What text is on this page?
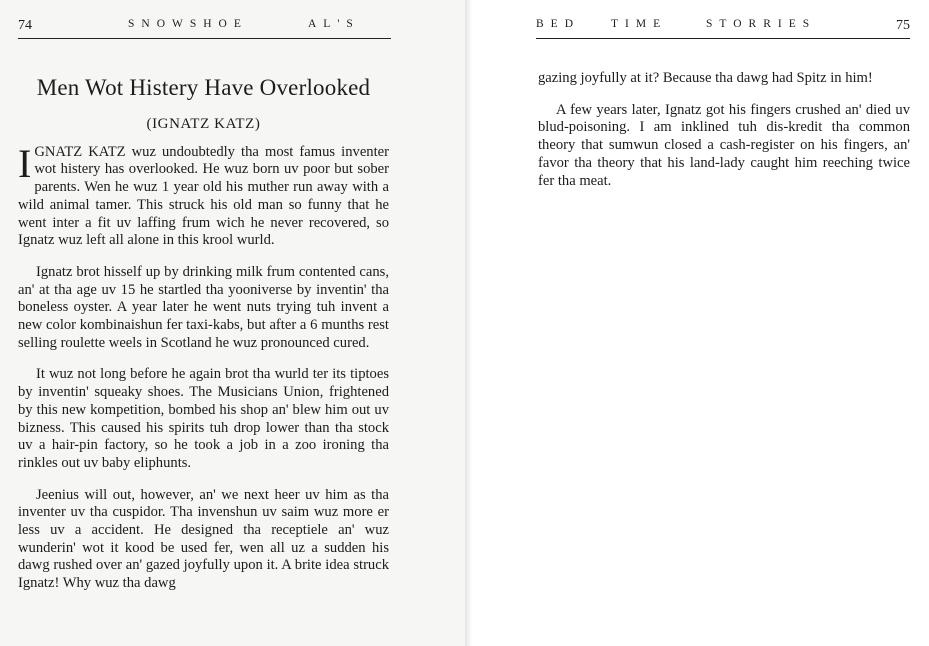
74	SNOWSHOE	AL'S
Men Wot Histery Have Overlooked
(IGNATZ KATZ)

IGNATZ KATZ wuz undoubtedly tha most famus inventer wot histery has overlooked. He wuz born uv poor but sober parents. Wen he wuz 1 year old his muther run away with a wild animal tamer. This struck his old man so funny that he went inter a fit uv laffing frum wich he never recovered, so Ignatz wuz left all alone in this krool wurld.

Ignatz brot hisself up by drinking milk frum contented cans, an' at tha age uv 15 he startled tha yooniverse by inventin' tha boneless oyster. A year later he went nuts trying tuh invent a new color kombinaishun fer taxi-kabs, but after a 6 munths rest selling roulette weels in Scotland he wuz pronounced cured.

It wuz not long before he again brot tha wurld ter its tiptoes by inventin' squeaky shoes. The Musicians Union, frightened by this new kompetition, bombed his shop an' blew him out uv bizness. This caused his spirits tuh drop lower than tha stock uv a hair-pin factory, so he took a job in a zoo ironing tha rinkles out uv baby eliphunts.

Jeenius will out, however, an' we next heer uv him as tha inventer uv tha cuspidor. Tha invenshun uv saim wuz more er less uv a accident. He designed tha receptiele an' wuz wunderin' wot it kood be used fer, wen all uz a sudden his dawg rushed over an' gazed joyfully upon it. A brite idea struck Ignatz! Why wuz tha dawg

BED	TIME	STORRIES	75

gazing joyfully at it? Because tha dawg had Spitz in him!

A few years later, Ignatz got his fingers crushed an' died uv blud-poisoning. I am inklined tuh dis-kredit tha common theory that sumwun closed a cash-register on his fingers, an' favor tha theory that his land-lady caught him reeching twice fer tha meat.
